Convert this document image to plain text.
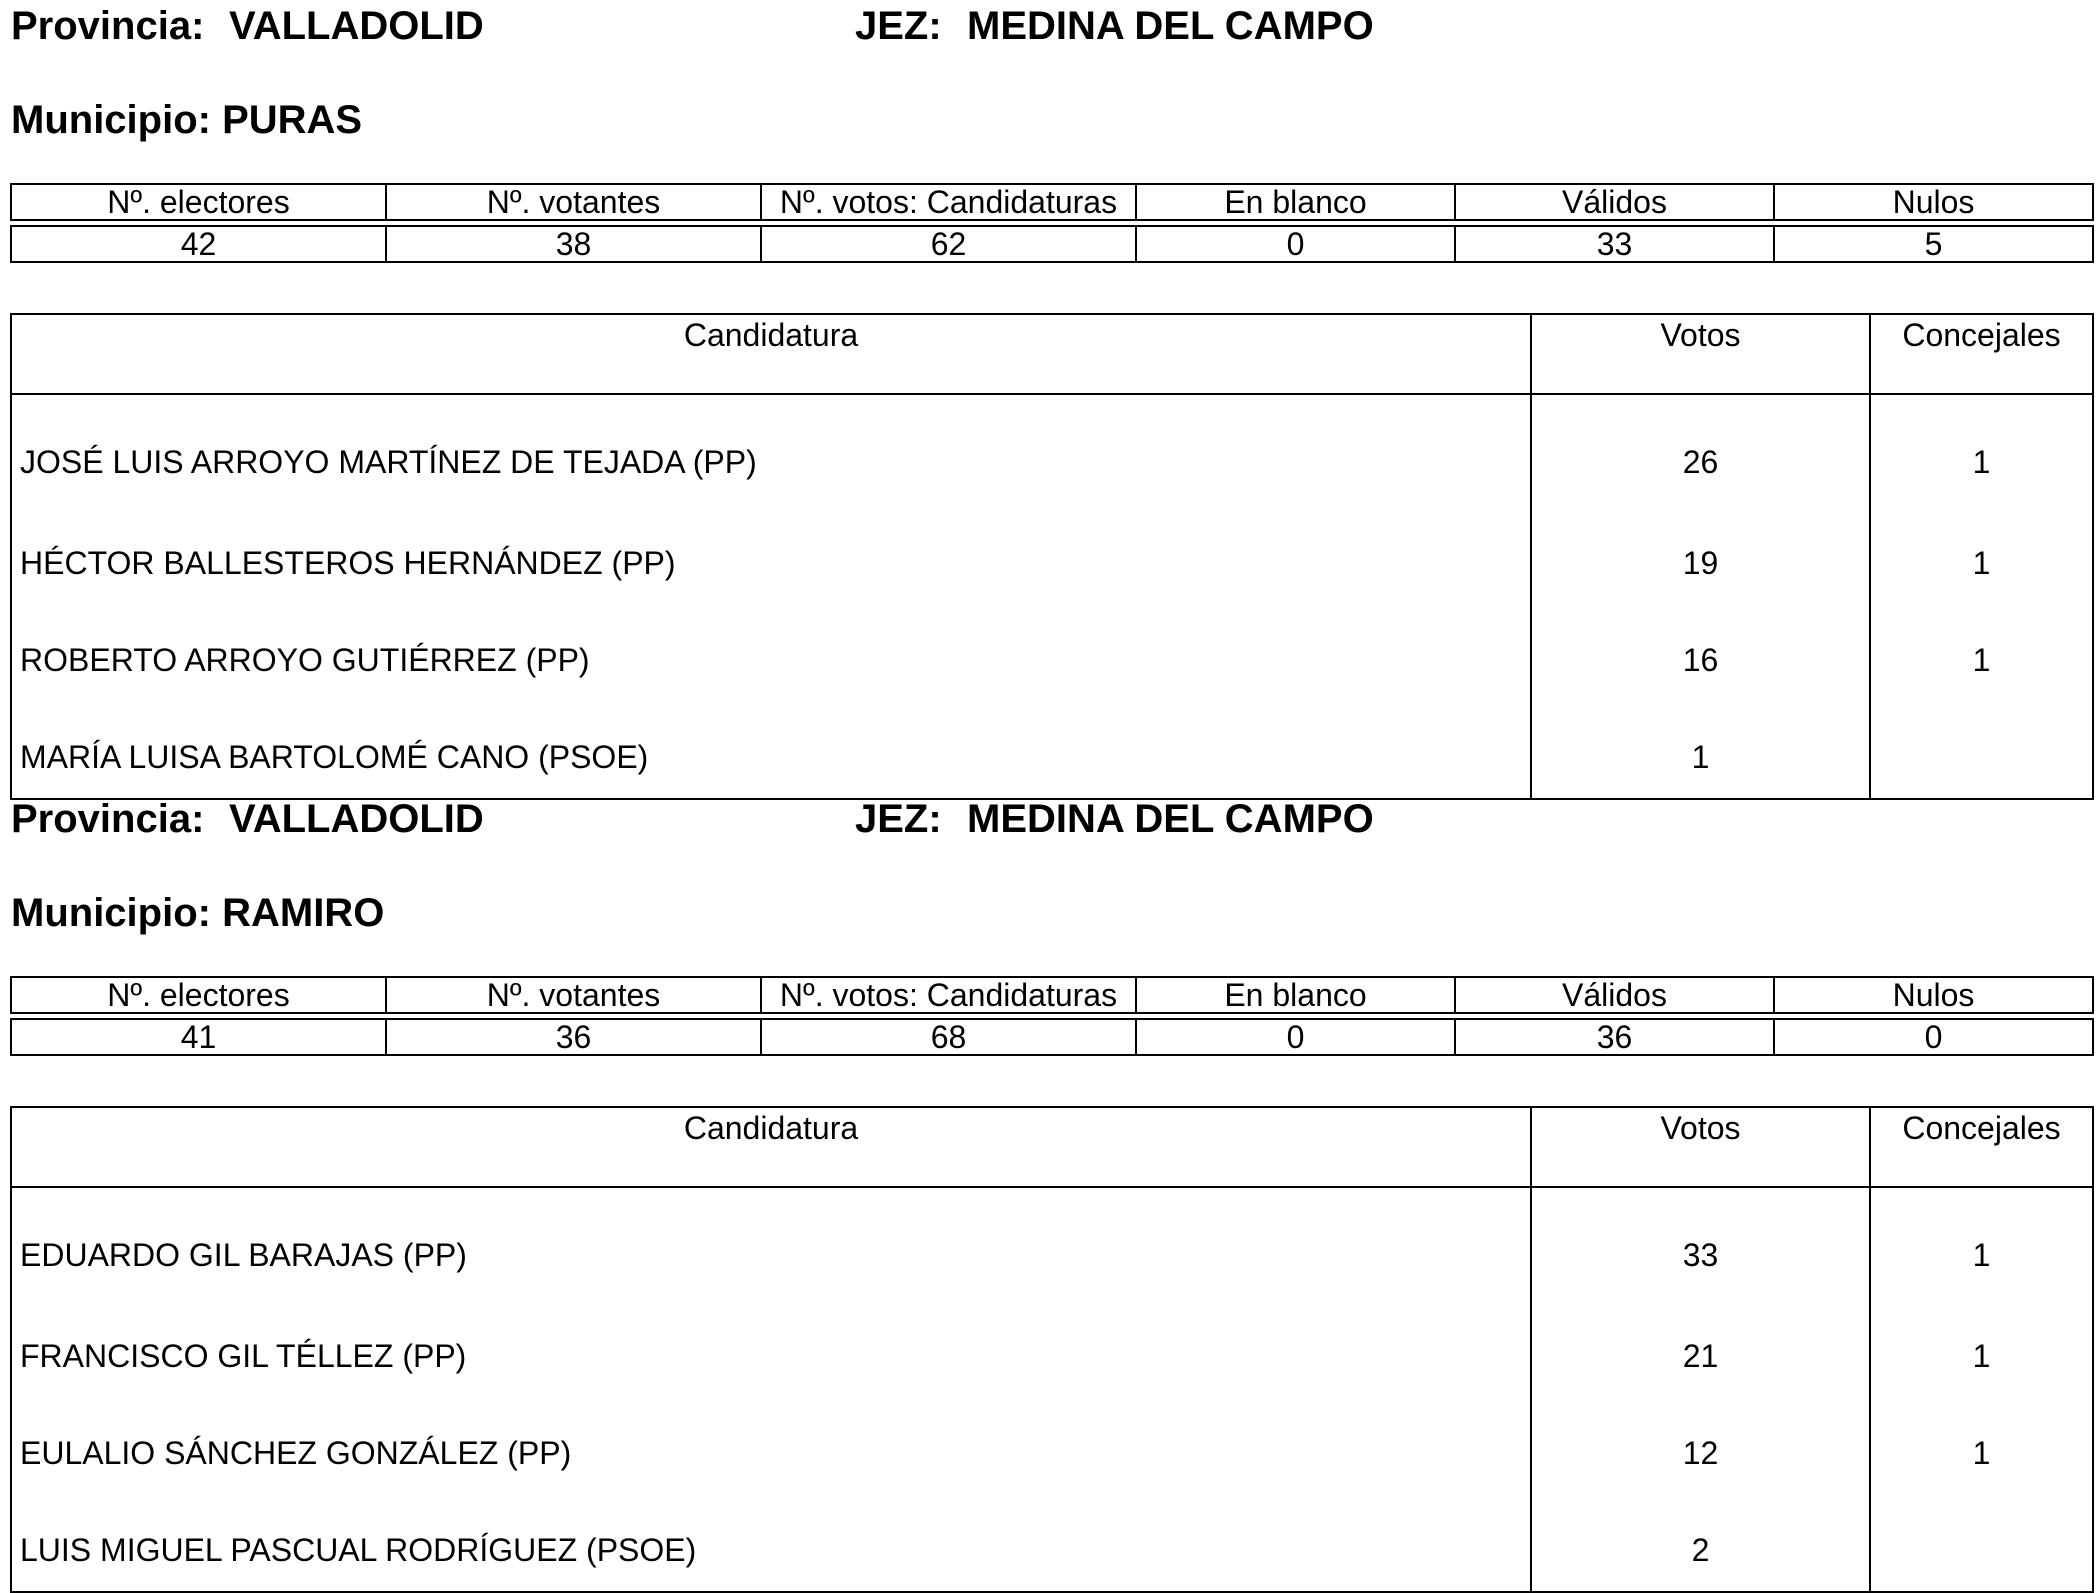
Provincia: VALLADOLID	JEZ: MEDINA DEL CAMPO
Municipio: PURAS
Nº. electores	Nº. votantes	Nº. votos: Candidaturas	En blanco	Válidos	Nulos

42	38	62	0	33	5
Candidatura	Votos	Concejales
JOSÉ LUIS ARROYO MARTÍNEZ DE TEJADA (PP)	26	1
HÉCTOR BALLESTEROS HERNÁNDEZ (PP)	19	1
ROBERTO ARROYO GUTIÉRREZ (PP)	16	1
MARÍA LUISA BARTOLOMÉ CANO (PSOE)	1	
Provincia: VALLADOLID	JEZ: MEDINA DEL CAMPO
Municipio: RAMIRO
Nº. electores	Nº. votantes	Nº. votos: Candidaturas	En blanco	Válidos	Nulos

41	36	68	0	36	0
Candidatura	Votos	Concejales
EDUARDO GIL BARAJAS (PP)	33	1
FRANCISCO GIL TÉLLEZ (PP)	21	1
EULALIO SÁNCHEZ GONZÁLEZ (PP)	12	1
LUIS MIGUEL PASCUAL RODRÍGUEZ (PSOE)	2	
